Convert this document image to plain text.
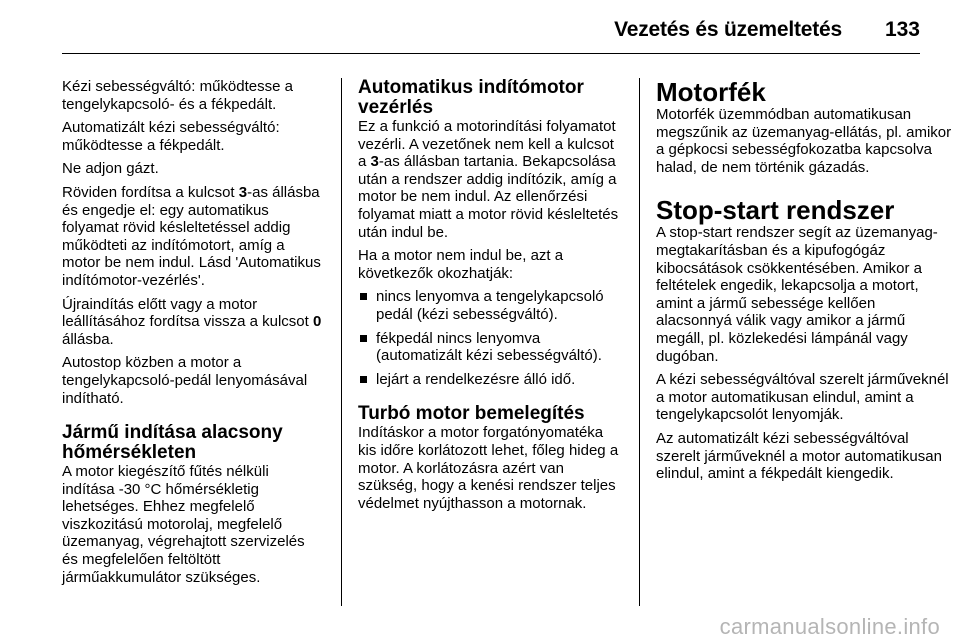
Vezetés és üzemeltetés 133

Kézi sebességváltó: működtesse a tengelykapcsoló- és a fékpedált.

Automatizált kézi sebességváltó: működtesse a fékpedált.

Ne adjon gázt.

Röviden fordítsa a kulcsot 3-as állásba és engedje el: egy automatikus folyamat rövid késleltetéssel addig működteti az indítómotort, amíg a motor be nem indul. Lásd 'Automatikus indítómotor-vezérlés'.

Újraindítás előtt vagy a motor leállításához fordítsa vissza a kulcsot 0 állásba.

Autostop közben a motor a tengelykapcsoló-pedál lenyomásával indítható.

Jármű indítása alacsony hőmérsékleten

A motor kiegészítő fűtés nélküli indítása -30 °C hőmérsékletig lehetséges. Ehhez megfelelő viszkozitású motorolaj, megfelelő üzemanyag, végrehajtott szervizelés és megfelelően feltöltött járműakkumulátor szükséges.

Automatikus indítómotor vezérlés

Ez a funkció a motorindítási folyamatot vezérli. A vezetőnek nem kell a kulcsot a 3-as állásban tartania. Bekapcsolása után a rendszer addig indítózik, amíg a motor be nem indul. Az ellenőrzési folyamat miatt a motor rövid késleltetés után indul be.

Ha a motor nem indul be, azt a következők okozhatják:

nincs lenyomva a tengelykapcsoló pedál (kézi sebességváltó).
fékpedál nincs lenyomva (automatizált kézi sebességváltó).
lejárt a rendelkezésre álló idő.
Turbó motor bemelegítés

Indításkor a motor forgatónyomatéka kis időre korlátozott lehet, főleg hideg a motor. A korlátozásra azért van szükség, hogy a kenési rendszer teljes védelmet nyújthasson a motornak.

Motorfék

Motorfék üzemmódban automatikusan megszűnik az üzemanyag-ellátás, pl. amikor a gépkocsi sebességfokozatba kapcsolva halad, de nem történik gázadás.

Stop-start rendszer

A stop-start rendszer segít az üzemanyag-megtakarításban és a kipufogógáz kibocsátások csökkentésében. Amikor a feltételek engedik, lekapcsolja a motort, amint a jármű sebessége kellően alacsonnyá válik vagy amikor a jármű megáll, pl. közlekedési lámpánál vagy dugóban.

A kézi sebességváltóval szerelt járműveknél a motor automatikusan elindul, amint a tengelykapcsolót lenyomják.

Az automatizált kézi sebességváltóval szerelt járműveknél a motor automatikusan elindul, amint a fékpedált kiengedik.

carmanualsonline.info
